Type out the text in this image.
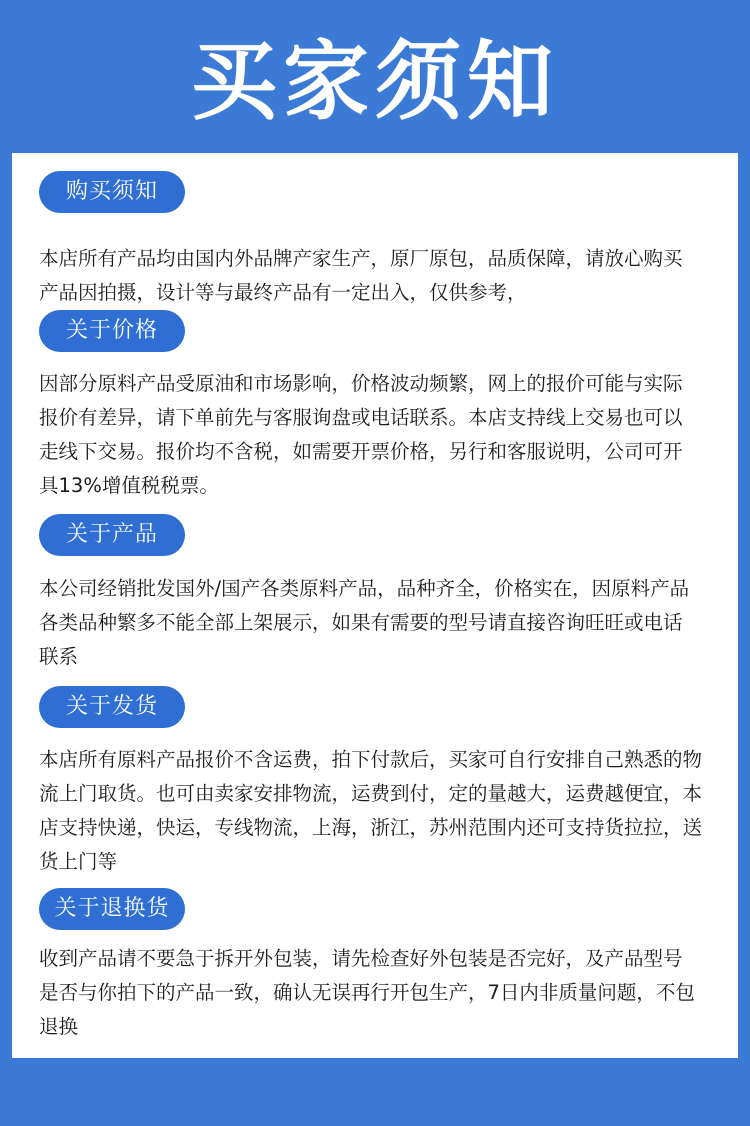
买家须知
购买须知
本店所有产品均由国内外品牌产家生产，原厂原包，品质保障，请放心购买
产品因拍摄，设计等与最终产品有一定出入，仅供参考，
关于价格
因部分原料产品受原油和市场影响，价格波动频繁，网上的报价可能与实际
报价有差异，请下单前先与客服询盘或电话联系。本店支持线上交易也可以
走线下交易。报价均不含税，如需要开票价格，另行和客服说明，公司可开
具13%增值税税票。
关于产品
本公司经销批发国外/国产各类原料产品，品种齐全，价格实在，因原料产品
各类品种繁多不能全部上架展示，如果有需要的型号请直接咨询旺旺或电话
联系
关于发货
本店所有原料产品报价不含运费，拍下付款后，买家可自行安排自己熟悉的物
流上门取货。也可由卖家安排物流，运费到付，定的量越大，运费越便宜，本
店支持快递，快运，专线物流，上海，浙江，苏州范围内还可支持货拉拉，送
货上门等
关于退换货
收到产品请不要急于拆开外包装，请先检查好外包装是否完好，及产品型号
是否与你拍下的产品一致，确认无误再行开包生产，7日内非质量问题，不包
退换
